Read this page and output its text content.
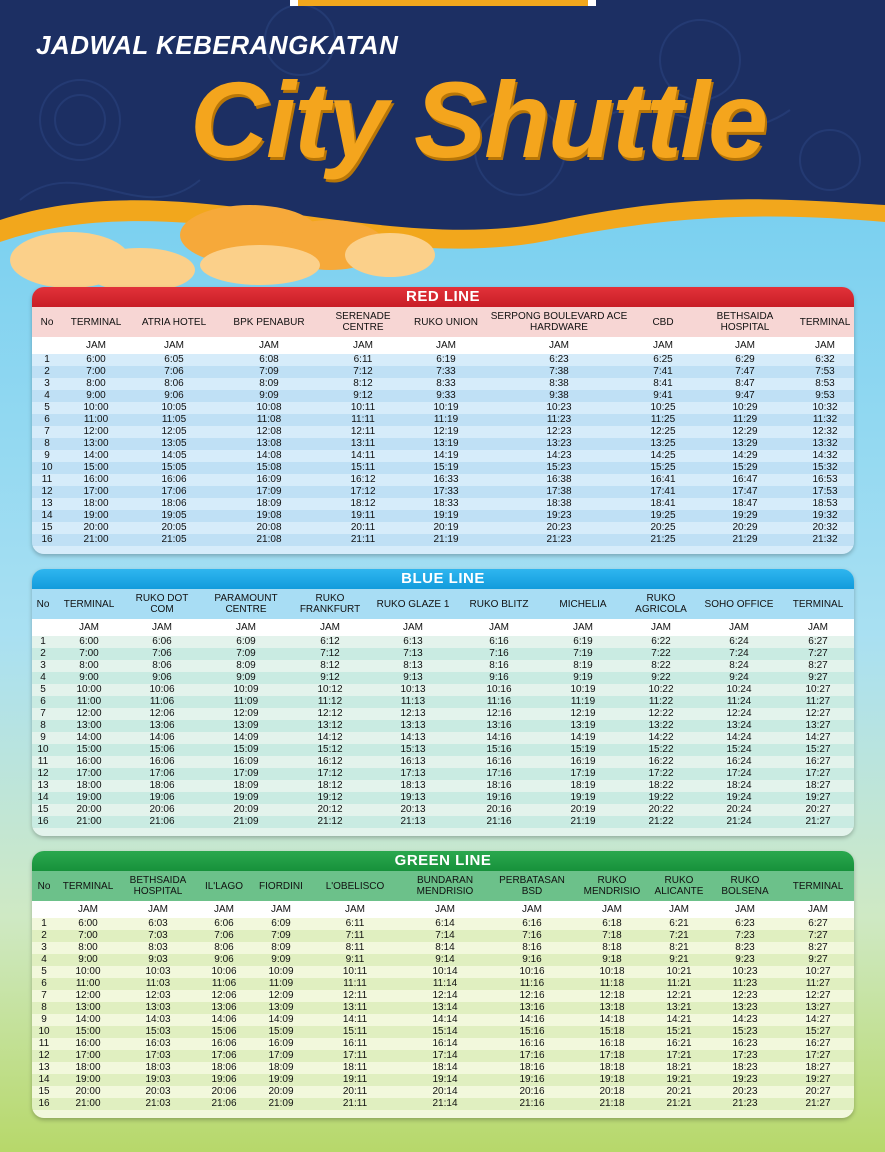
JADWAL KEBERANGKATAN
City Shuttle
RED LINE
No	TERMINAL	ATRIA HOTEL	BPK PENABUR	SERENADE CENTRE	RUKO UNION	SERPONG BOULEVARD ACE HARDWARE	CBD	BETHSAIDA HOSPITAL	TERMINAL
	JAM	JAM	JAM	JAM	JAM	JAM	JAM	JAM	JAM
1	6:00	6:05	6:08	6:11	6:19	6:23	6:25	6:29	6:32
2	7:00	7:06	7:09	7:12	7:33	7:38	7:41	7:47	7:53
3	8:00	8:06	8:09	8:12	8:33	8:38	8:41	8:47	8:53
4	9:00	9:06	9:09	9:12	9:33	9:38	9:41	9:47	9:53
5	10:00	10:05	10:08	10:11	10:19	10:23	10:25	10:29	10:32
6	11:00	11:05	11:08	11:11	11:19	11:23	11:25	11:29	11:32
7	12:00	12:05	12:08	12:11	12:19	12:23	12:25	12:29	12:32
8	13:00	13:05	13:08	13:11	13:19	13:23	13:25	13:29	13:32
9	14:00	14:05	14:08	14:11	14:19	14:23	14:25	14:29	14:32
10	15:00	15:05	15:08	15:11	15:19	15:23	15:25	15:29	15:32
11	16:00	16:06	16:09	16:12	16:33	16:38	16:41	16:47	16:53
12	17:00	17:06	17:09	17:12	17:33	17:38	17:41	17:47	17:53
13	18:00	18:06	18:09	18:12	18:33	18:38	18:41	18:47	18:53
14	19:00	19:05	19:08	19:11	19:19	19:23	19:25	19:29	19:32
15	20:00	20:05	20:08	20:11	20:19	20:23	20:25	20:29	20:32
16	21:00	21:05	21:08	21:11	21:19	21:23	21:25	21:29	21:32
BLUE LINE
No	TERMINAL	RUKO DOT COM	PARAMOUNT CENTRE	RUKO FRANKFURT	RUKO GLAZE 1	RUKO BLITZ	MICHELIA	RUKO AGRICOLA	SOHO OFFICE	TERMINAL
	JAM	JAM	JAM	JAM	JAM	JAM	JAM	JAM	JAM	JAM
1	6:00	6:06	6:09	6:12	6:13	6:16	6:19	6:22	6:24	6:27
2	7:00	7:06	7:09	7:12	7:13	7:16	7:19	7:22	7:24	7:27
3	8:00	8:06	8:09	8:12	8:13	8:16	8:19	8:22	8:24	8:27
4	9:00	9:06	9:09	9:12	9:13	9:16	9:19	9:22	9:24	9:27
5	10:00	10:06	10:09	10:12	10:13	10:16	10:19	10:22	10:24	10:27
6	11:00	11:06	11:09	11:12	11:13	11:16	11:19	11:22	11:24	11:27
7	12:00	12:06	12:09	12:12	12:13	12:16	12:19	12:22	12:24	12:27
8	13:00	13:06	13:09	13:12	13:13	13:16	13:19	13:22	13:24	13:27
9	14:00	14:06	14:09	14:12	14:13	14:16	14:19	14:22	14:24	14:27
10	15:00	15:06	15:09	15:12	15:13	15:16	15:19	15:22	15:24	15:27
11	16:00	16:06	16:09	16:12	16:13	16:16	16:19	16:22	16:24	16:27
12	17:00	17:06	17:09	17:12	17:13	17:16	17:19	17:22	17:24	17:27
13	18:00	18:06	18:09	18:12	18:13	18:16	18:19	18:22	18:24	18:27
14	19:00	19:06	19:09	19:12	19:13	19:16	19:19	19:22	19:24	19:27
15	20:00	20:06	20:09	20:12	20:13	20:16	20:19	20:22	20:24	20:27
16	21:00	21:06	21:09	21:12	21:13	21:16	21:19	21:22	21:24	21:27
GREEN LINE
No	TERMINAL	BETHSAIDA HOSPITAL	IL'LAGO	FIORDINI	L'OBELISCO	BUNDARAN MENDRISIO	PERBATASAN BSD	RUKO MENDRISIO	RUKO ALICANTE	RUKO BOLSENA	TERMINAL
	JAM	JAM	JAM	JAM	JAM	JAM	JAM	JAM	JAM	JAM	JAM
1	6:00	6:03	6:06	6:09	6:11	6:14	6:16	6:18	6:21	6:23	6:27
2	7:00	7:03	7:06	7:09	7:11	7:14	7:16	7:18	7:21	7:23	7:27
3	8:00	8:03	8:06	8:09	8:11	8:14	8:16	8:18	8:21	8:23	8:27
4	9:00	9:03	9:06	9:09	9:11	9:14	9:16	9:18	9:21	9:23	9:27
5	10:00	10:03	10:06	10:09	10:11	10:14	10:16	10:18	10:21	10:23	10:27
6	11:00	11:03	11:06	11:09	11:11	11:14	11:16	11:18	11:21	11:23	11:27
7	12:00	12:03	12:06	12:09	12:11	12:14	12:16	12:18	12:21	12:23	12:27
8	13:00	13:03	13:06	13:09	13:11	13:14	13:16	13:18	13:21	13:23	13:27
9	14:00	14:03	14:06	14:09	14:11	14:14	14:16	14:18	14:21	14:23	14:27
10	15:00	15:03	15:06	15:09	15:11	15:14	15:16	15:18	15:21	15:23	15:27
11	16:00	16:03	16:06	16:09	16:11	16:14	16:16	16:18	16:21	16:23	16:27
12	17:00	17:03	17:06	17:09	17:11	17:14	17:16	17:18	17:21	17:23	17:27
13	18:00	18:03	18:06	18:09	18:11	18:14	18:16	18:18	18:21	18:23	18:27
14	19:00	19:03	19:06	19:09	19:11	19:14	19:16	19:18	19:21	19:23	19:27
15	20:00	20:03	20:06	20:09	20:11	20:14	20:16	20:18	20:21	20:23	20:27
16	21:00	21:03	21:06	21:09	21:11	21:14	21:16	21:18	21:21	21:23	21:27
